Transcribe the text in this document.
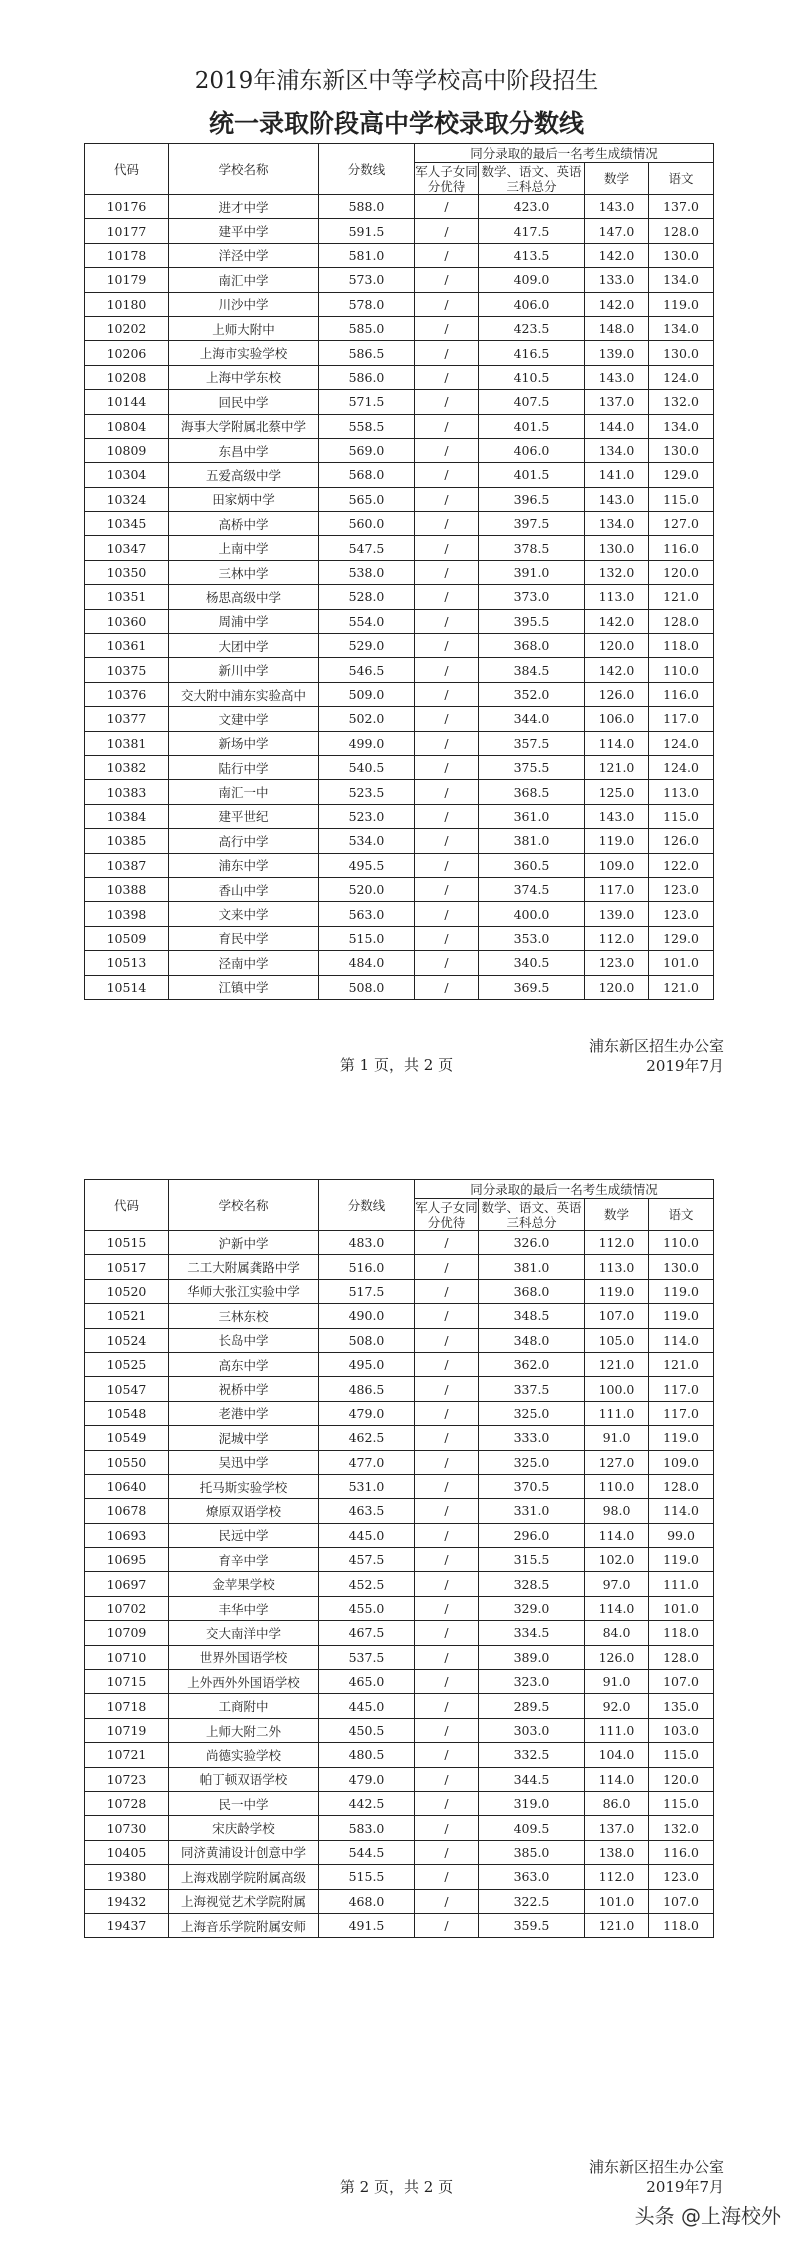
2019年浦东新区中等学校高中阶段招生
统一录取阶段高中学校录取分数线
代码	学校名称	分数线	同分录取的最后一名考生成绩情况			
			军人子女同分优待	数学、语文、英语三科总分	数学	语文
10176	进才中学	588.0	/	423.0	143.0	137.0
10177	建平中学	591.5	/	417.5	147.0	128.0
10178	洋泾中学	581.0	/	413.5	142.0	130.0
10179	南汇中学	573.0	/	409.0	133.0	134.0
10180	川沙中学	578.0	/	406.0	142.0	119.0
10202	上师大附中	585.0	/	423.5	148.0	134.0
10206	上海市实验学校	586.5	/	416.5	139.0	130.0
10208	上海中学东校	586.0	/	410.5	143.0	124.0
10144	回民中学	571.5	/	407.5	137.0	132.0
10804	海事大学附属北蔡中学	558.5	/	401.5	144.0	134.0
10809	东昌中学	569.0	/	406.0	134.0	130.0
10304	五爱高级中学	568.0	/	401.5	141.0	129.0
10324	田家炳中学	565.0	/	396.5	143.0	115.0
10345	高桥中学	560.0	/	397.5	134.0	127.0
10347	上南中学	547.5	/	378.5	130.0	116.0
10350	三林中学	538.0	/	391.0	132.0	120.0
10351	杨思高级中学	528.0	/	373.0	113.0	121.0
10360	周浦中学	554.0	/	395.5	142.0	128.0
10361	大团中学	529.0	/	368.0	120.0	118.0
10375	新川中学	546.5	/	384.5	142.0	110.0
10376	交大附中浦东实验高中	509.0	/	352.0	126.0	116.0
10377	文建中学	502.0	/	344.0	106.0	117.0
10381	新场中学	499.0	/	357.5	114.0	124.0
10382	陆行中学	540.5	/	375.5	121.0	124.0
10383	南汇一中	523.5	/	368.5	125.0	113.0
10384	建平世纪	523.0	/	361.0	143.0	115.0
10385	高行中学	534.0	/	381.0	119.0	126.0
10387	浦东中学	495.5	/	360.5	109.0	122.0
10388	香山中学	520.0	/	374.5	117.0	123.0
10398	文来中学	563.0	/	400.0	139.0	123.0
10509	育民中学	515.0	/	353.0	112.0	129.0
10513	泾南中学	484.0	/	340.5	123.0	101.0
10514	江镇中学	508.0	/	369.5	120.0	121.0
浦东新区招生办公室
2019年7月
第 1 页，共 2 页
代码	学校名称	分数线	同分录取的最后一名考生成绩情况			
			军人子女同分优待	数学、语文、英语三科总分	数学	语文
10515	沪新中学	483.0	/	326.0	112.0	110.0
10517	二工大附属龚路中学	516.0	/	381.0	113.0	130.0
10520	华师大张江实验中学	517.5	/	368.0	119.0	119.0
10521	三林东校	490.0	/	348.5	107.0	119.0
10524	长岛中学	508.0	/	348.0	105.0	114.0
10525	高东中学	495.0	/	362.0	121.0	121.0
10547	祝桥中学	486.5	/	337.5	100.0	117.0
10548	老港中学	479.0	/	325.0	111.0	117.0
10549	泥城中学	462.5	/	333.0	91.0	119.0
10550	吴迅中学	477.0	/	325.0	127.0	109.0
10640	托马斯实验学校	531.0	/	370.5	110.0	128.0
10678	燎原双语学校	463.5	/	331.0	98.0	114.0
10693	民远中学	445.0	/	296.0	114.0	99.0
10695	育辛中学	457.5	/	315.5	102.0	119.0
10697	金苹果学校	452.5	/	328.5	97.0	111.0
10702	丰华中学	455.0	/	329.0	114.0	101.0
10709	交大南洋中学	467.5	/	334.5	84.0	118.0
10710	世界外国语学校	537.5	/	389.0	126.0	128.0
10715	上外西外外国语学校	465.0	/	323.0	91.0	107.0
10718	工商附中	445.0	/	289.5	92.0	135.0
10719	上师大附二外	450.5	/	303.0	111.0	103.0
10721	尚德实验学校	480.5	/	332.5	104.0	115.0
10723	帕丁顿双语学校	479.0	/	344.5	114.0	120.0
10728	民一中学	442.5	/	319.0	86.0	115.0
10730	宋庆龄学校	583.0	/	409.5	137.0	132.0
10405	同济黄浦设计创意中学	544.5	/	385.0	138.0	116.0
19380	上海戏剧学院附属高级	515.5	/	363.0	112.0	123.0
19432	上海视觉艺术学院附属	468.0	/	322.5	101.0	107.0
19437	上海音乐学院附属安师	491.5	/	359.5	121.0	118.0
浦东新区招生办公室
2019年7月
第 2 页，共 2 页
头条 @上海校外
